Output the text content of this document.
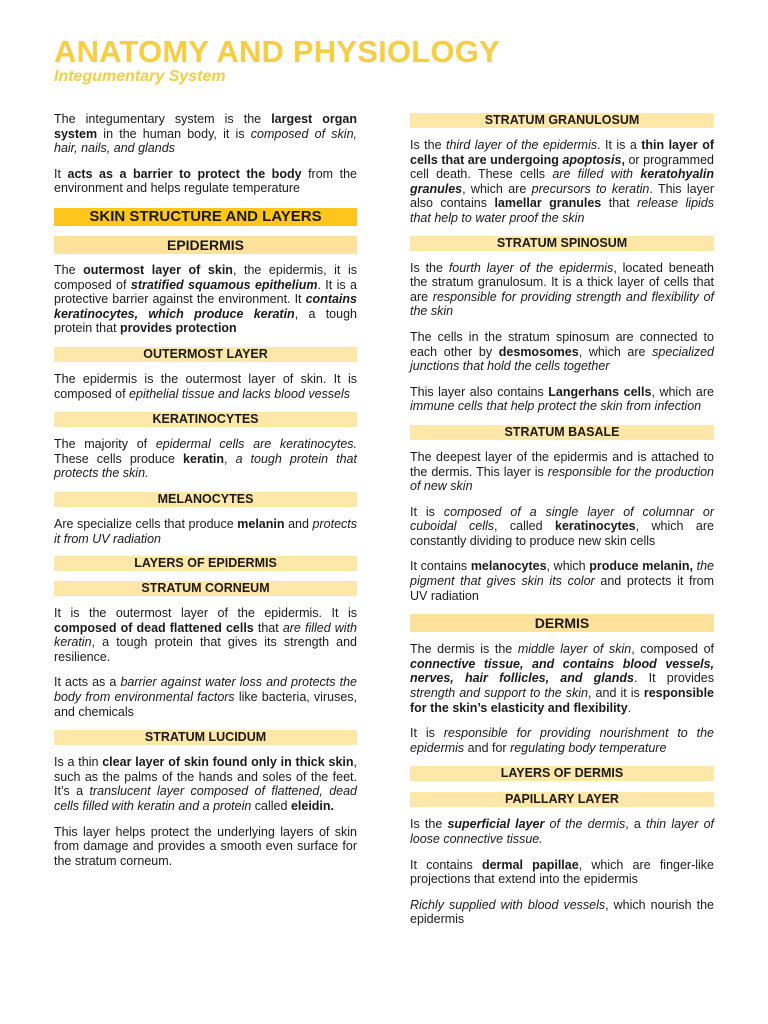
ANATOMY AND PHYSIOLOGY
Integumentary System

The integumentary system is the largest organ system in the human body, it is composed of skin, hair, nails, and glands

It acts as a barrier to protect the body from the environment and helps regulate temperature

SKIN STRUCTURE AND LAYERS
EPIDERMIS

The outermost layer of skin, the epidermis, it is composed of stratified squamous epithelium. It is a protective barrier against the environment. It contains keratinocytes, which produce keratin, a tough protein that provides protection

OUTERMOST LAYER

The epidermis is the outermost layer of skin. It is composed of epithelial tissue and lacks blood vessels

KERATINOCYTES

The majority of epidermal cells are keratinocytes. These cells produce keratin, a tough protein that protects the skin.

MELANOCYTES

Are specialize cells that produce melanin and protects it from UV radiation

LAYERS OF EPIDERMIS
STRATUM CORNEUM

It is the outermost layer of the epidermis. It is composed of dead flattened cells that are filled with keratin, a tough protein that gives its strength and resilience.

It acts as a barrier against water loss and protects the body from environmental factors like bacteria, viruses, and chemicals

STRATUM LUCIDUM

Is a thin clear layer of skin found only in thick skin, such as the palms of the hands and soles of the feet. It’s a translucent layer composed of flattened, dead cells filled with keratin and a protein called eleidin.

This layer helps protect the underlying layers of skin from damage and provides a smooth even surface for the stratum corneum.

STRATUM GRANULOSUM

Is the third layer of the epidermis. It is a thin layer of cells that are undergoing apoptosis, or programmed cell death. These cells are filled with keratohyalin granules, which are precursors to keratin. This layer also contains lamellar granules that release lipids that help to water proof the skin

STRATUM SPINOSUM

Is the fourth layer of the epidermis, located beneath the stratum granulosum. It is a thick layer of cells that are responsible for providing strength and flexibility of the skin

The cells in the stratum spinosum are connected to each other by desmosomes, which are specialized junctions that hold the cells together

This layer also contains Langerhans cells, which are immune cells that help protect the skin from infection

STRATUM BASALE

The deepest layer of the epidermis and is attached to the dermis. This layer is responsible for the production of new skin

It is composed of a single layer of columnar or cuboidal cells, called keratinocytes, which are constantly dividing to produce new skin cells

It contains melanocytes, which produce melanin, the pigment that gives skin its color and protects it from UV radiation

DERMIS

The dermis is the middle layer of skin, composed of connective tissue, and contains blood vessels, nerves, hair follicles, and glands. It provides strength and support to the skin, and it is responsible for the skin’s elasticity and flexibility.

It is responsible for providing nourishment to the epidermis and for regulating body temperature

LAYERS OF DERMIS
PAPILLARY LAYER

Is the superficial layer of the dermis, a thin layer of loose connective tissue.

It contains dermal papillae, which are finger-like projections that extend into the epidermis

Richly supplied with blood vessels, which nourish the epidermis
